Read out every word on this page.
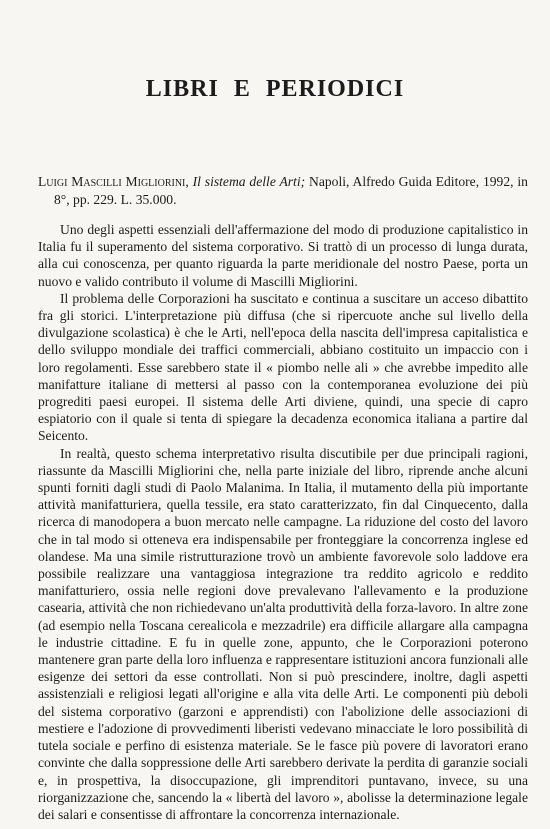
LIBRI E PERIODICI
Luigi Mascilli Migliorini, Il sistema delle Arti; Napoli, Alfredo Guida Editore, 1992, in 8°, pp. 229. L. 35.000.

Uno degli aspetti essenziali dell'affermazione del modo di produzione capitalistico in Italia fu il superamento del sistema corporativo. Si trattò di un processo di lunga durata, alla cui conoscenza, per quanto riguarda la parte meridionale del nostro Paese, porta un nuovo e valido contributo il volume di Mascilli Migliorini.

Il problema delle Corporazioni ha suscitato e continua a suscitare un acceso dibattito fra gli storici. L'interpretazione più diffusa (che si ripercuote anche sul livello della divulgazione scolastica) è che le Arti, nell'epoca della nascita dell'impresa capitalistica e dello sviluppo mondiale dei traffici commerciali, abbiano costituito un impaccio con i loro regolamenti. Esse sarebbero state il « piombo nelle ali » che avrebbe impedito alle manifatture italiane di mettersi al passo con la contemporanea evoluzione dei più progrediti paesi europei. Il sistema delle Arti diviene, quindi, una specie di capro espiatorio con il quale si tenta di spiegare la decadenza economica italiana a partire dal Seicento.

In realtà, questo schema interpretativo risulta discutibile per due principali ragioni, riassunte da Mascilli Migliorini che, nella parte iniziale del libro, riprende anche alcuni spunti forniti dagli studi di Paolo Malanima. In Italia, il mutamento della più importante attività manifatturiera, quella tessile, era stato caratterizzato, fin dal Cinquecento, dalla ricerca di manodopera a buon mercato nelle campagne. La riduzione del costo del lavoro che in tal modo si otteneva era indispensabile per fronteggiare la concorrenza inglese ed olandese. Ma una simile ristrutturazione trovò un ambiente favorevole solo laddove era possibile realizzare una vantaggiosa integrazione tra reddito agricolo e reddito manifatturiero, ossia nelle regioni dove prevalevano l'allevamento e la produzione casearia, attività che non richiedevano un'alta produttività della forza-lavoro. In altre zone (ad esempio nella Toscana cerealicola e mezzadrile) era difficile allargare alla campagna le industrie cittadine. E fu in quelle zone, appunto, che le Corporazioni poterono mantenere gran parte della loro influenza e rappresentare istituzioni ancora funzionali alle esigenze dei settori da esse controllati. Non si può prescindere, inoltre, dagli aspetti assistenziali e religiosi legati all'origine e alla vita delle Arti. Le componenti più deboli del sistema corporativo (garzoni e apprendisti) con l'abolizione delle associazioni di mestiere e l'adozione di provvedimenti liberisti vedevano minacciate le loro possibilità di tutela sociale e perfino di esistenza materiale. Se le fasce più povere di lavoratori erano convinte che dalla soppressione delle Arti sarebbero derivate la perdita di garanzie sociali e, in prospettiva, la disoccupazione, gli imprenditori puntavano, invece, su una riorganizzazione che, sancendo la « libertà del lavoro », abolisse la determinazione legale dei salari e consentisse di affrontare la concorrenza internazionale.
